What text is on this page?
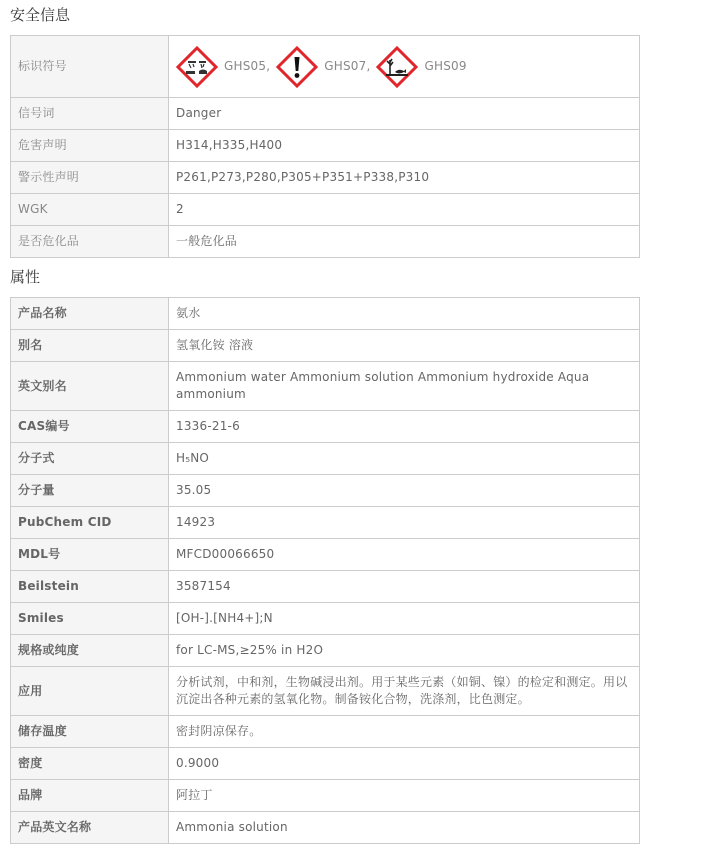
安全信息
标识符号	GHS05, GHS07, GHS09

信号词	Danger
危害声明	H314,H335,H400
警示性声明	P261,P273,P280,P305+P351+P338,P310
WGK	2
是否危化品	一般危化品
属性
产品名称	氨水
别名	氢氧化铵 溶液
英文别名	Ammonium water Ammonium solution Ammonium hydroxide Aqua ammonium
CAS编号	1336-21-6
分子式	H₅NO
分子量	35.05
PubChem CID	14923
MDL号	MFCD00066650
Beilstein	3587154
Smiles	[OH-].[NH4+];N
规格或纯度	for LC-MS,≥25% in H2O
应用	分析试剂，中和剂，生物碱浸出剂。用于某些元素（如铜、镍）的检定和测定。用以沉淀出各种元素的氢氧化物。制备铵化合物，洗涤剂，比色测定。
储存温度	密封阴凉保存。
密度	0.9000
品牌	阿拉丁
产品英文名称	Ammonia solution
